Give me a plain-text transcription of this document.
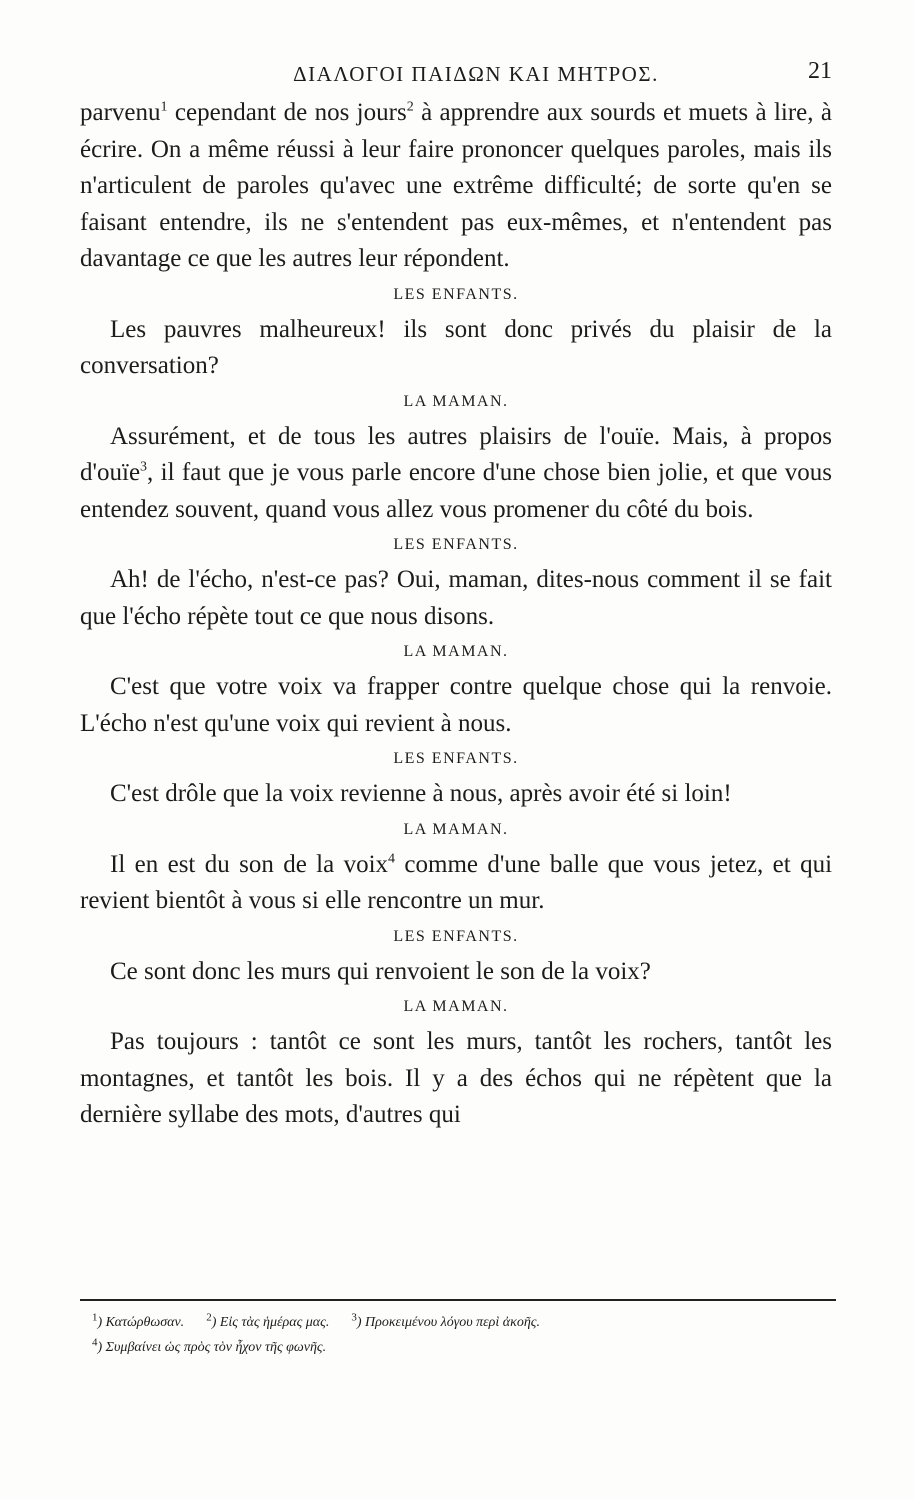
ΔΙΑΛΟΓΟΙ ΠΑΙΔΩΝ ΚΑΙ ΜΗΤΡΟΣ.	21

parvenu$^1$ cependant de nos jours$^2$ à apprendre aux sourds et muets à lire, à écrire. On a même réussi à leur faire prononcer quelques paroles, mais ils n'articulent de paroles qu'avec une extrême difficulté; de sorte qu'en se faisant entendre, ils ne s'entendent pas eux-mêmes, et n'entendent pas davantage ce que les autres leur répondent.

LES ENFANTS.

Les pauvres malheureux! ils sont donc privés du plaisir de la conversation?

LA MAMAN.

Assurément, et de tous les autres plaisirs de l'ouïe. Mais, à propos d'ouïe$^3$, il faut que je vous parle encore d'une chose bien jolie, et que vous entendez souvent, quand vous allez vous promener du côté du bois.

LES ENFANTS.

Ah! de l'écho, n'est-ce pas? Oui, maman, dites-nous comment il se fait que l'écho répète tout ce que nous disons.

LA MAMAN.

C'est que votre voix va frapper contre quelque chose qui la renvoie. L'écho n'est qu'une voix qui revient à nous.

LES ENFANTS.

C'est drôle que la voix revienne à nous, après avoir été si loin!

LA MAMAN.

Il en est du son de la voix$^4$ comme d'une balle que vous jetez, et qui revient bientôt à vous si elle rencontre un mur.

LES ENFANTS.

Ce sont donc les murs qui renvoient le son de la voix?

LA MAMAN.

Pas toujours : tantôt ce sont les murs, tantôt les rochers, tantôt les montagnes, et tantôt les bois. Il y a des échos qui ne répètent que la dernière syllabe des mots, d'autres qui

$^1$) Κατώρθωσαν. $^2$) Εἰς τὰς ἡμέρας μας. $^3$) Προκειμένου λόγου περὶ ἀκοῆς.
$^4$) Συμβαίνει ὡς πρὸς τὸν ἦχον τῆς φωνῆς.
